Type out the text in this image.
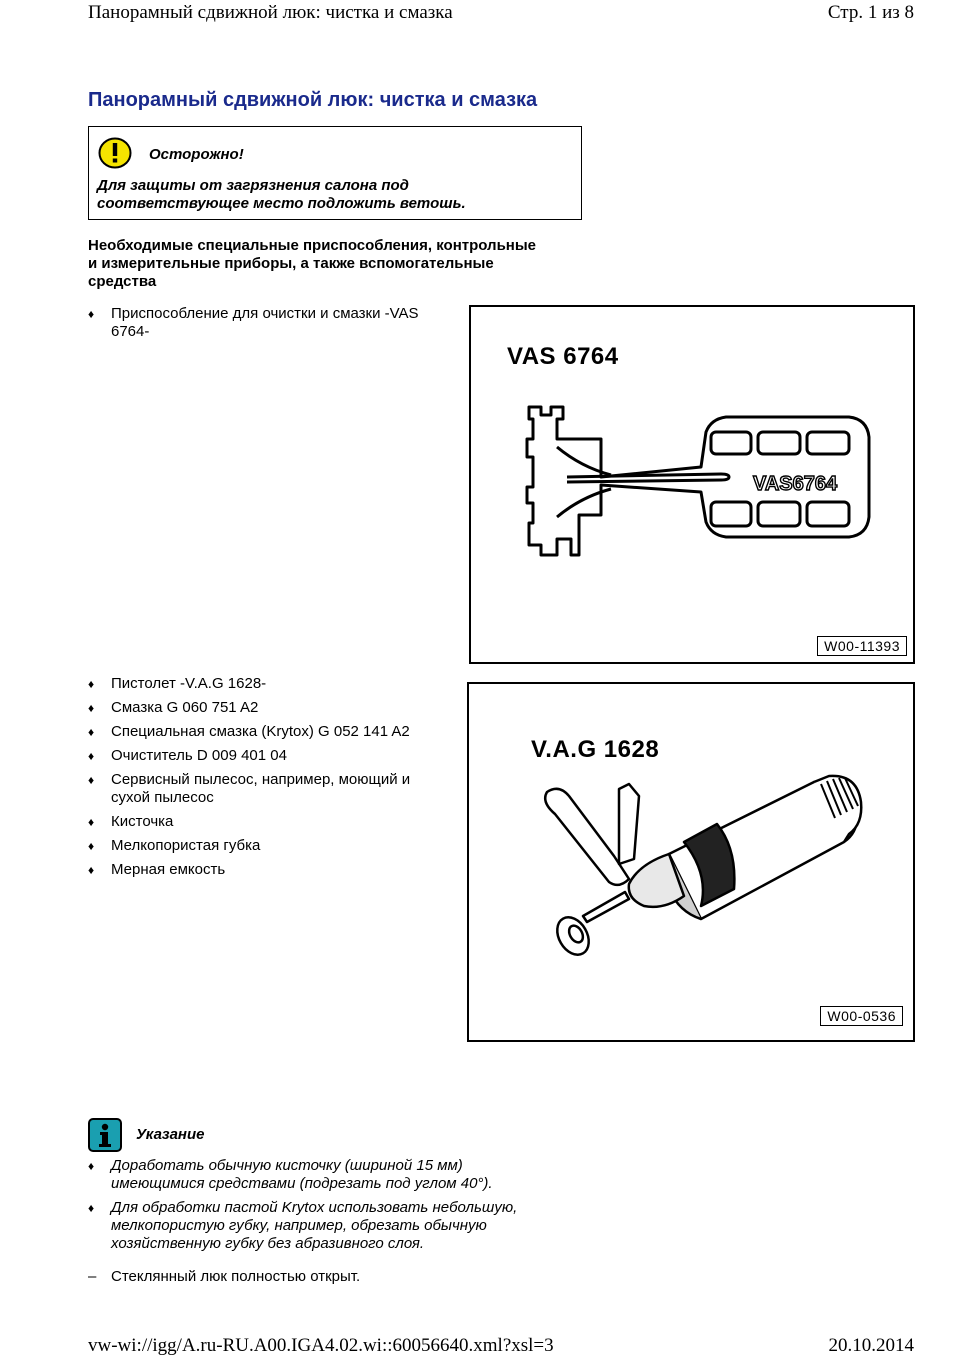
Панорамный сдвижной люк: чистка и смазка	Стр. 1 из 8
Панорамный сдвижной люк: чистка и смазка
Осторожно!
Для защиты от загрязнения салона под
соответствующее место подложить ветошь.
Необходимые специальные приспособления, контрольные
и измерительные приборы, а также вспомогательные
средства
♦ Приспособление для очистки и смазки -VAS
6764-
♦ Пистолет -V.A.G 1628-
♦ Смазка G 060 751 A2
♦ Специальная смазка (Krytox) G 052 141 A2
♦ Очиститель D 009 401 04
♦ Сервисный пылесос, например, моющий и
сухой пылесос
♦ Кисточка
♦ Мелкопористая губка
♦ Мерная емкость
VAS 6764
VAS6764
W00-11393
V.A.G 1628
W00-0536
Указание
♦ Доработать обычную кисточку (шириной 15 мм)
имеющимися средствами (подрезать под углом 40°).
♦ Для обработки пастой Krytox использовать небольшую,
мелкопористую губку, например, обрезать обычную
хозяйственную губку без абразивного слоя.
– Стеклянный люк полностью открыт.
vw-wi://igg/A.ru-RU.A00.IGA4.02.wi::60056640.xml?xsl=3	20.10.2014
